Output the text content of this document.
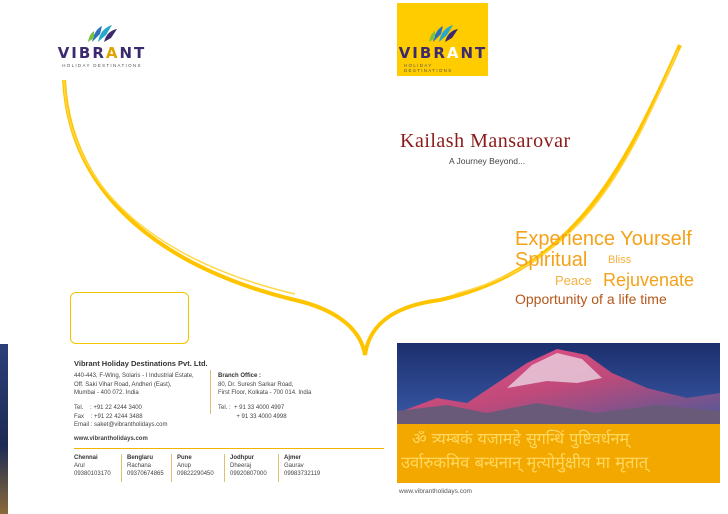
VIBRANT
HOLIDAY DESTINATIONS
VIBRANT
HOLIDAY DESTINATIONS
Kailash Mansarovar
A Journey Beyond...
Experience Yourself
Spiritual Bliss
Peace Rejuvenate
Opportunity of a life time
Vibrant Holiday Destinations Pvt. Ltd.
440-443, F-Wing, Solaris - I Industrial Estate,
Off. Saki Vihar Road, Andheri (East),
Mumbai - 400 072. India
Tel.    : +91 22 4244 3400
Fax    : +91 22 4244 3488
Email : saket@vibrantholidays.com
Branch Office :
80, Dr. Suresh Sarkar Road,
First Floor, Kolkata - 700 014. India
Tel. :  + 91 33 4000 4997
+ 91 33 4000 4998
www.vibrantholidays.com
Chennai
Arul
09380103170
Benglaru
Rachana
09370674865
Pune
Anup
09822290450
Jodhpur
Dheeraj
09920807000
Ajmer
Gaurav
09983732119
ॐ त्र्यम्बकं यजामहे सुगन्धिं पुष्टिवर्धनम्
उर्वारुकमिव बन्धनान् मृत्योर्मुक्षीय मा मृतात्
www.vibrantholidays.com
